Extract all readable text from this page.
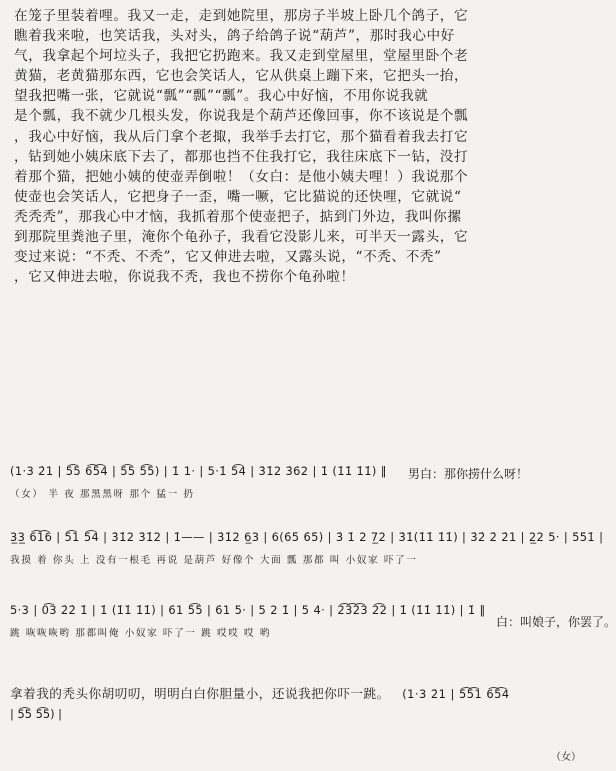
在笼子里装着哩。我又一走，走到她院里，那房子半坡上卧几个鸽子，它
瞧着我来啦，也笑话我，头对头，鸽子给鸽子说“葫芦”，那时我心中好
气，我拿起个坷垃头子，我把它扔跑来。我又走到堂屋里，堂屋里卧个老
黄猫，老黄猫那东西，它也会笑话人，它从供桌上蹦下来，它把头一抬，
望我把嘴一张，它就说“瓢”“瓢”“瓢”。我心中好恼，不用你说我就
是个瓢，我不就少几根头发，你说我是个葫芦还像回事，你不该说是个瓢
，我心中好恼，我从后门拿个老掫，我举手去打它，那个猫看着我去打它
，钻到她小姨床底下去了，都那也挡不住我打它，我往床底下一钻，没打
着那个猫，把她小姨的使壶弄倒啦！（女白：是他小姨夫哩！）我说那个
使壶也会笑话人，它把身子一歪，嘴一噘，它比猫说的还快哩，它就说“
秃秃秃”，那我心中才恼，我抓着那个使壶把子，掂到门外边，我叫你摞
到那院里粪池子里，淹你个龟孙子，我看它没影儿来，可半天一露头，它
变过来说：“不秃、不秃”，它又伸进去啦，又露头说，“不秃、不秃”
，它又伸进去啦，你说我不秃，我也不捞你个龟孙啦！
(1·3 2̇1 | 5͡5 6͡5͡4 | 5͡5 5͡5) | 1̇ 1· | 5·1̇ 5͡4 | 3̇1̇2 3̇6̇2 | 1̇ (1̇1̇ 1̇1̇) ‖
（女） 半 夜 那黑黑呀 那个 猛一 扔
男白：那你捞什么呀！
3̲3̲ 6͡1͡6 | 5͡1 5͡4 | 3̇1̇2 3̇1̇2 | 1̇—— | 3̇1̇2 6̲3 | 6(6̇5̇ 6̇5̇) | 3̇ 1̇ 2 7̲2 | 3̇1̇(1̇1̇ 1̇1̇) | 3̇2̇ 2̇ 2̇1 | 2̲2 5· | 5̇5̇1̇ |
我摸 着 你头 上 没有一根毛 再说 是葫芦 好像个 大面 瓢 那都 叫 小奴家 吓了一
5·3 | 0͡3 2̇2̇ 1̇ | 1̇ (1̇1̇ 1̇1̇) | 6̇1 5͡5 | 6̇1 5· | 5 2 1̇ | 5 4· | 2͡3͡2͡3 2͡2 | 1̇ (1̇1̇ 1̇1̇) | 1̇ ‖
跳 咴咴咴哟 那都叫俺 小奴家 吓了一 跳 哎哎 哎 哟
白：叫娘子，你罢了。
拿着我的秃头你胡叨叨，明明白白你胆量小，还说我把你吓一跳。 (1·3 2̇1 | 5͡5͡1 6͡5͡4
| 5͡5 5͡5) |
（女）
